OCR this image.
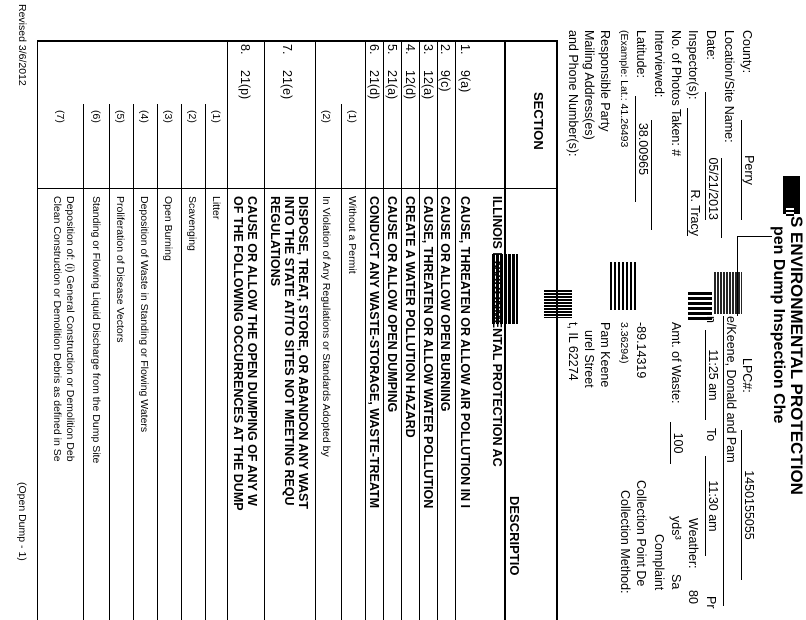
S ENVIRONMENTAL PROTECTION
pen Dump Inspection Che
County:
Perry
Location/Site Name:
Date:
05/21/2013
Inspector(s):
R. Tracy
No. of Photos Taken: #
Interviewed:
Latitude:
38.00965
(Example: Lat.: 41.26493
Responsible Party
Mailing Address(es)
and Phone Number(s):
LPC#:
1450155055
e/Keene, Donald and Pam
n
11:25 am
To
11:30 am
Pr
Weather:
80
Amt. of Waste:
100
yds³
Sa
Complaint
-89.14319
Collection Point De
3.36294)
Collection Method:
Pam Keene
urel Street
t, IL 62274
SECTION
DESCRIPTIO
ILLINOIS ENVIRONMENTAL PROTECTION AC
1.
9(a)
CAUSE, THREATEN OR ALLOW AIR POLLUTION IN I
2.
9(c)
CAUSE OR ALLOW OPEN BURNING
3.
12(a)
CAUSE, THREATEN OR ALLOW WATER POLLUTION
4.
12(d)
CREATE A WATER POLLUTION HAZARD
5.
21(a)
CAUSE OR ALLOW OPEN DUMPING
6.
21(d)
CONDUCT ANY WASTE-STORAGE, WASTE-TREATM
(1)
Without a Permit
(2)
In Violation of Any Regulations or Standards Adopted by
7.
21(e)
DISPOSE, TREAT, STORE, OR ABANDON ANY WAST
INTO THE STATE AT/TO SITES NOT MEETING REQU
REGULATIONS
8.
21(p)
CAUSE OR ALLOW THE OPEN DUMPING OF ANY W
OF THE FOLLOWING OCCURRENCES AT THE DUMP
(1)
Litter
(2)
Scavenging
(3)
Open Burning
(4)
Deposition of Waste in Standing or Flowing Waters
(5)
Proliferation of Disease Vectors
(6)
Standing or Flowing Liquid Discharge from the Dump Site
(7)
Deposition of: (i) General Construction or Demolition Deb
Clean Construction or Demolition Debris as defined in Se
Revised 3/6/2012
(Open Dump - 1)
